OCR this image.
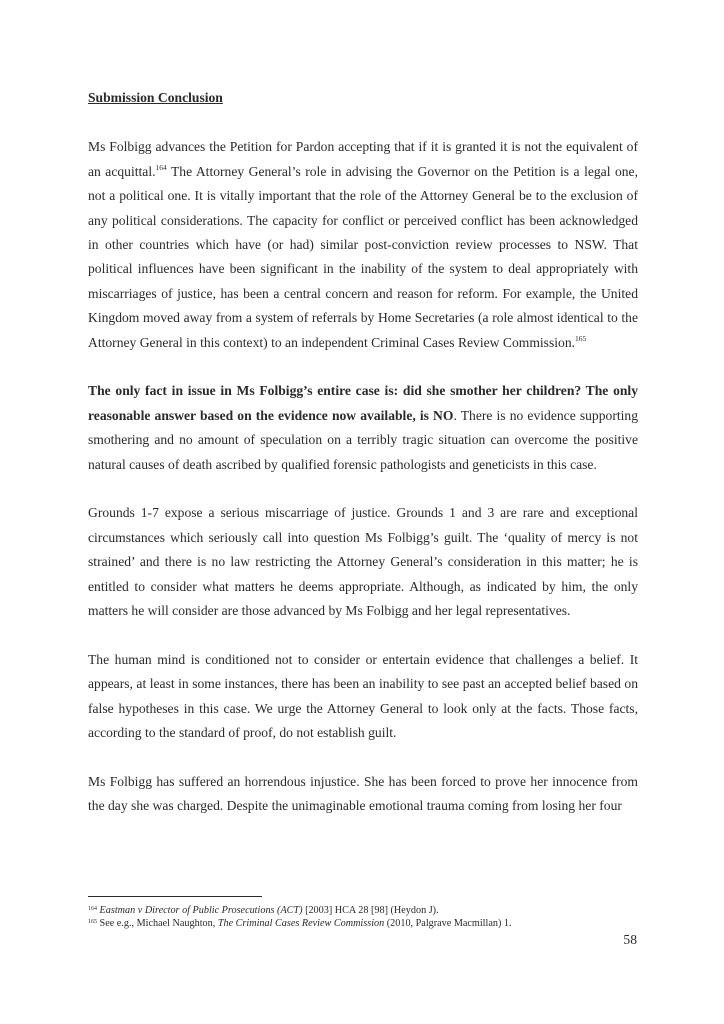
Submission Conclusion

Ms Folbigg advances the Petition for Pardon accepting that if it is granted it is not the equivalent of an acquittal.$^{164}$ The Attorney General’s role in advising the Governor on the Petition is a legal one, not a political one. It is vitally important that the role of the Attorney General be to the exclusion of any political considerations. The capacity for conflict or perceived conflict has been acknowledged in other countries which have (or had) similar post-conviction review processes to NSW. That political influences have been significant in the inability of the system to deal appropriately with miscarriages of justice, has been a central concern and reason for reform. For example, the United Kingdom moved away from a system of referrals by Home Secretaries (a role almost identical to the Attorney General in this context) to an independent Criminal Cases Review Commission.$^{165}$

The only fact in issue in Ms Folbigg’s entire case is: did she smother her children? The only reasonable answer based on the evidence now available, is NO. There is no evidence supporting smothering and no amount of speculation on a terribly tragic situation can overcome the positive natural causes of death ascribed by qualified forensic pathologists and geneticists in this case.

Grounds 1-7 expose a serious miscarriage of justice. Grounds 1 and 3 are rare and exceptional circumstances which seriously call into question Ms Folbigg’s guilt. The ‘quality of mercy is not strained’ and there is no law restricting the Attorney General’s consideration in this matter; he is entitled to consider what matters he deems appropriate. Although, as indicated by him, the only matters he will consider are those advanced by Ms Folbigg and her legal representatives.

The human mind is conditioned not to consider or entertain evidence that challenges a belief. It appears, at least in some instances, there has been an inability to see past an accepted belief based on false hypotheses in this case. We urge the Attorney General to look only at the facts. Those facts, according to the standard of proof, do not establish guilt.

Ms Folbigg has suffered an horrendous injustice. She has been forced to prove her innocence from the day she was charged. Despite the unimaginable emotional trauma coming from losing her four

$^{164}$ Eastman v Director of Public Prosecutions (ACT) [2003] HCA 28 [98] (Heydon J).
$^{165}$ See e.g., Michael Naughton, The Criminal Cases Review Commission (2010, Palgrave Macmillan) 1.
58
